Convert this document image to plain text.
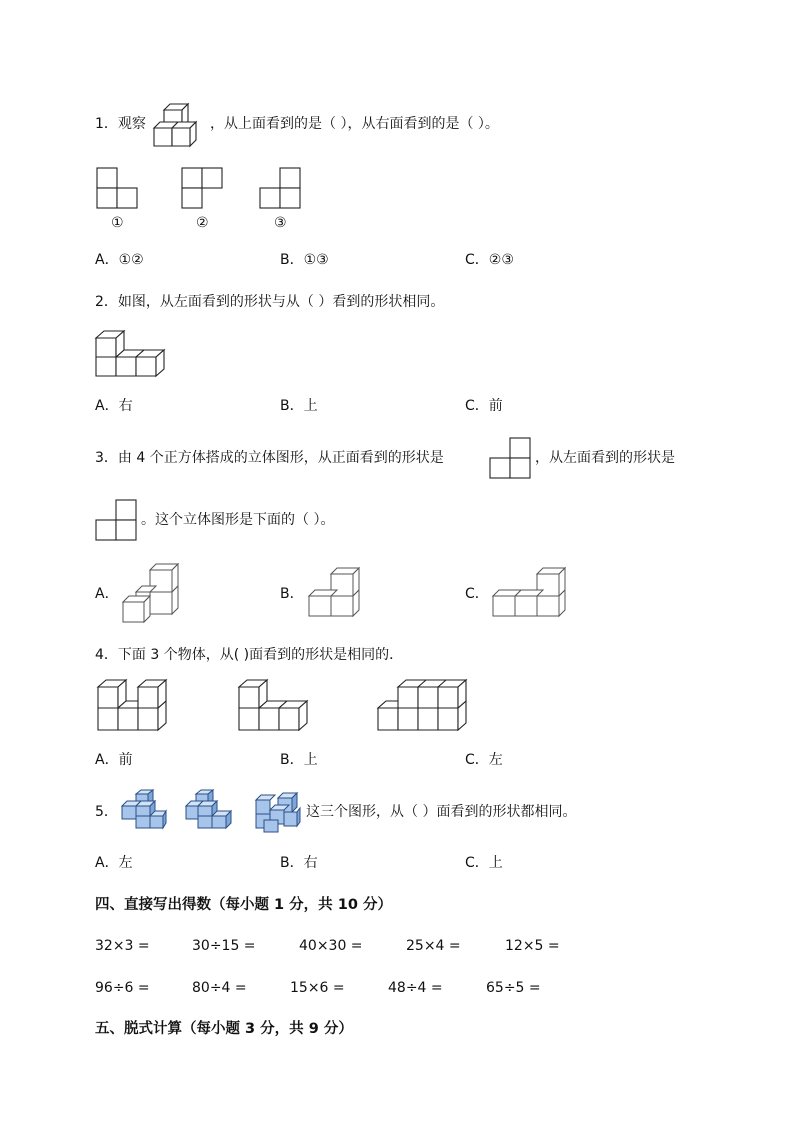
1．观察	，从上面看到的是（ ），从右面看到的是（ ）。
①	②	③
A．①②	B．①③	C．②③
2．如图，从左面看到的形状与从（ ）看到的形状相同。
A．右	B．上	C．前
3．由 4 个正方体搭成的立体图形，从正面看到的形状是	，从左面看到的形状是
。这个立体图形是下面的（ ）。
A．	B．	C．
4．下面 3 个物体，从( )面看到的形状是相同的．
A．前	B．上	C．左
5．	这三个图形，从（ ）面看到的形状都相同。
A．左	B．右	C．上
四、直接写出得数（每小题 1 分，共 10 分）
32×3 =	30÷15 =	40×30 =	25×4 =	12×5 =
96÷6 =	80÷4 =	15×6 =	48÷4 =	65÷5 =
五、脱式计算（每小题 3 分，共 9 分）
